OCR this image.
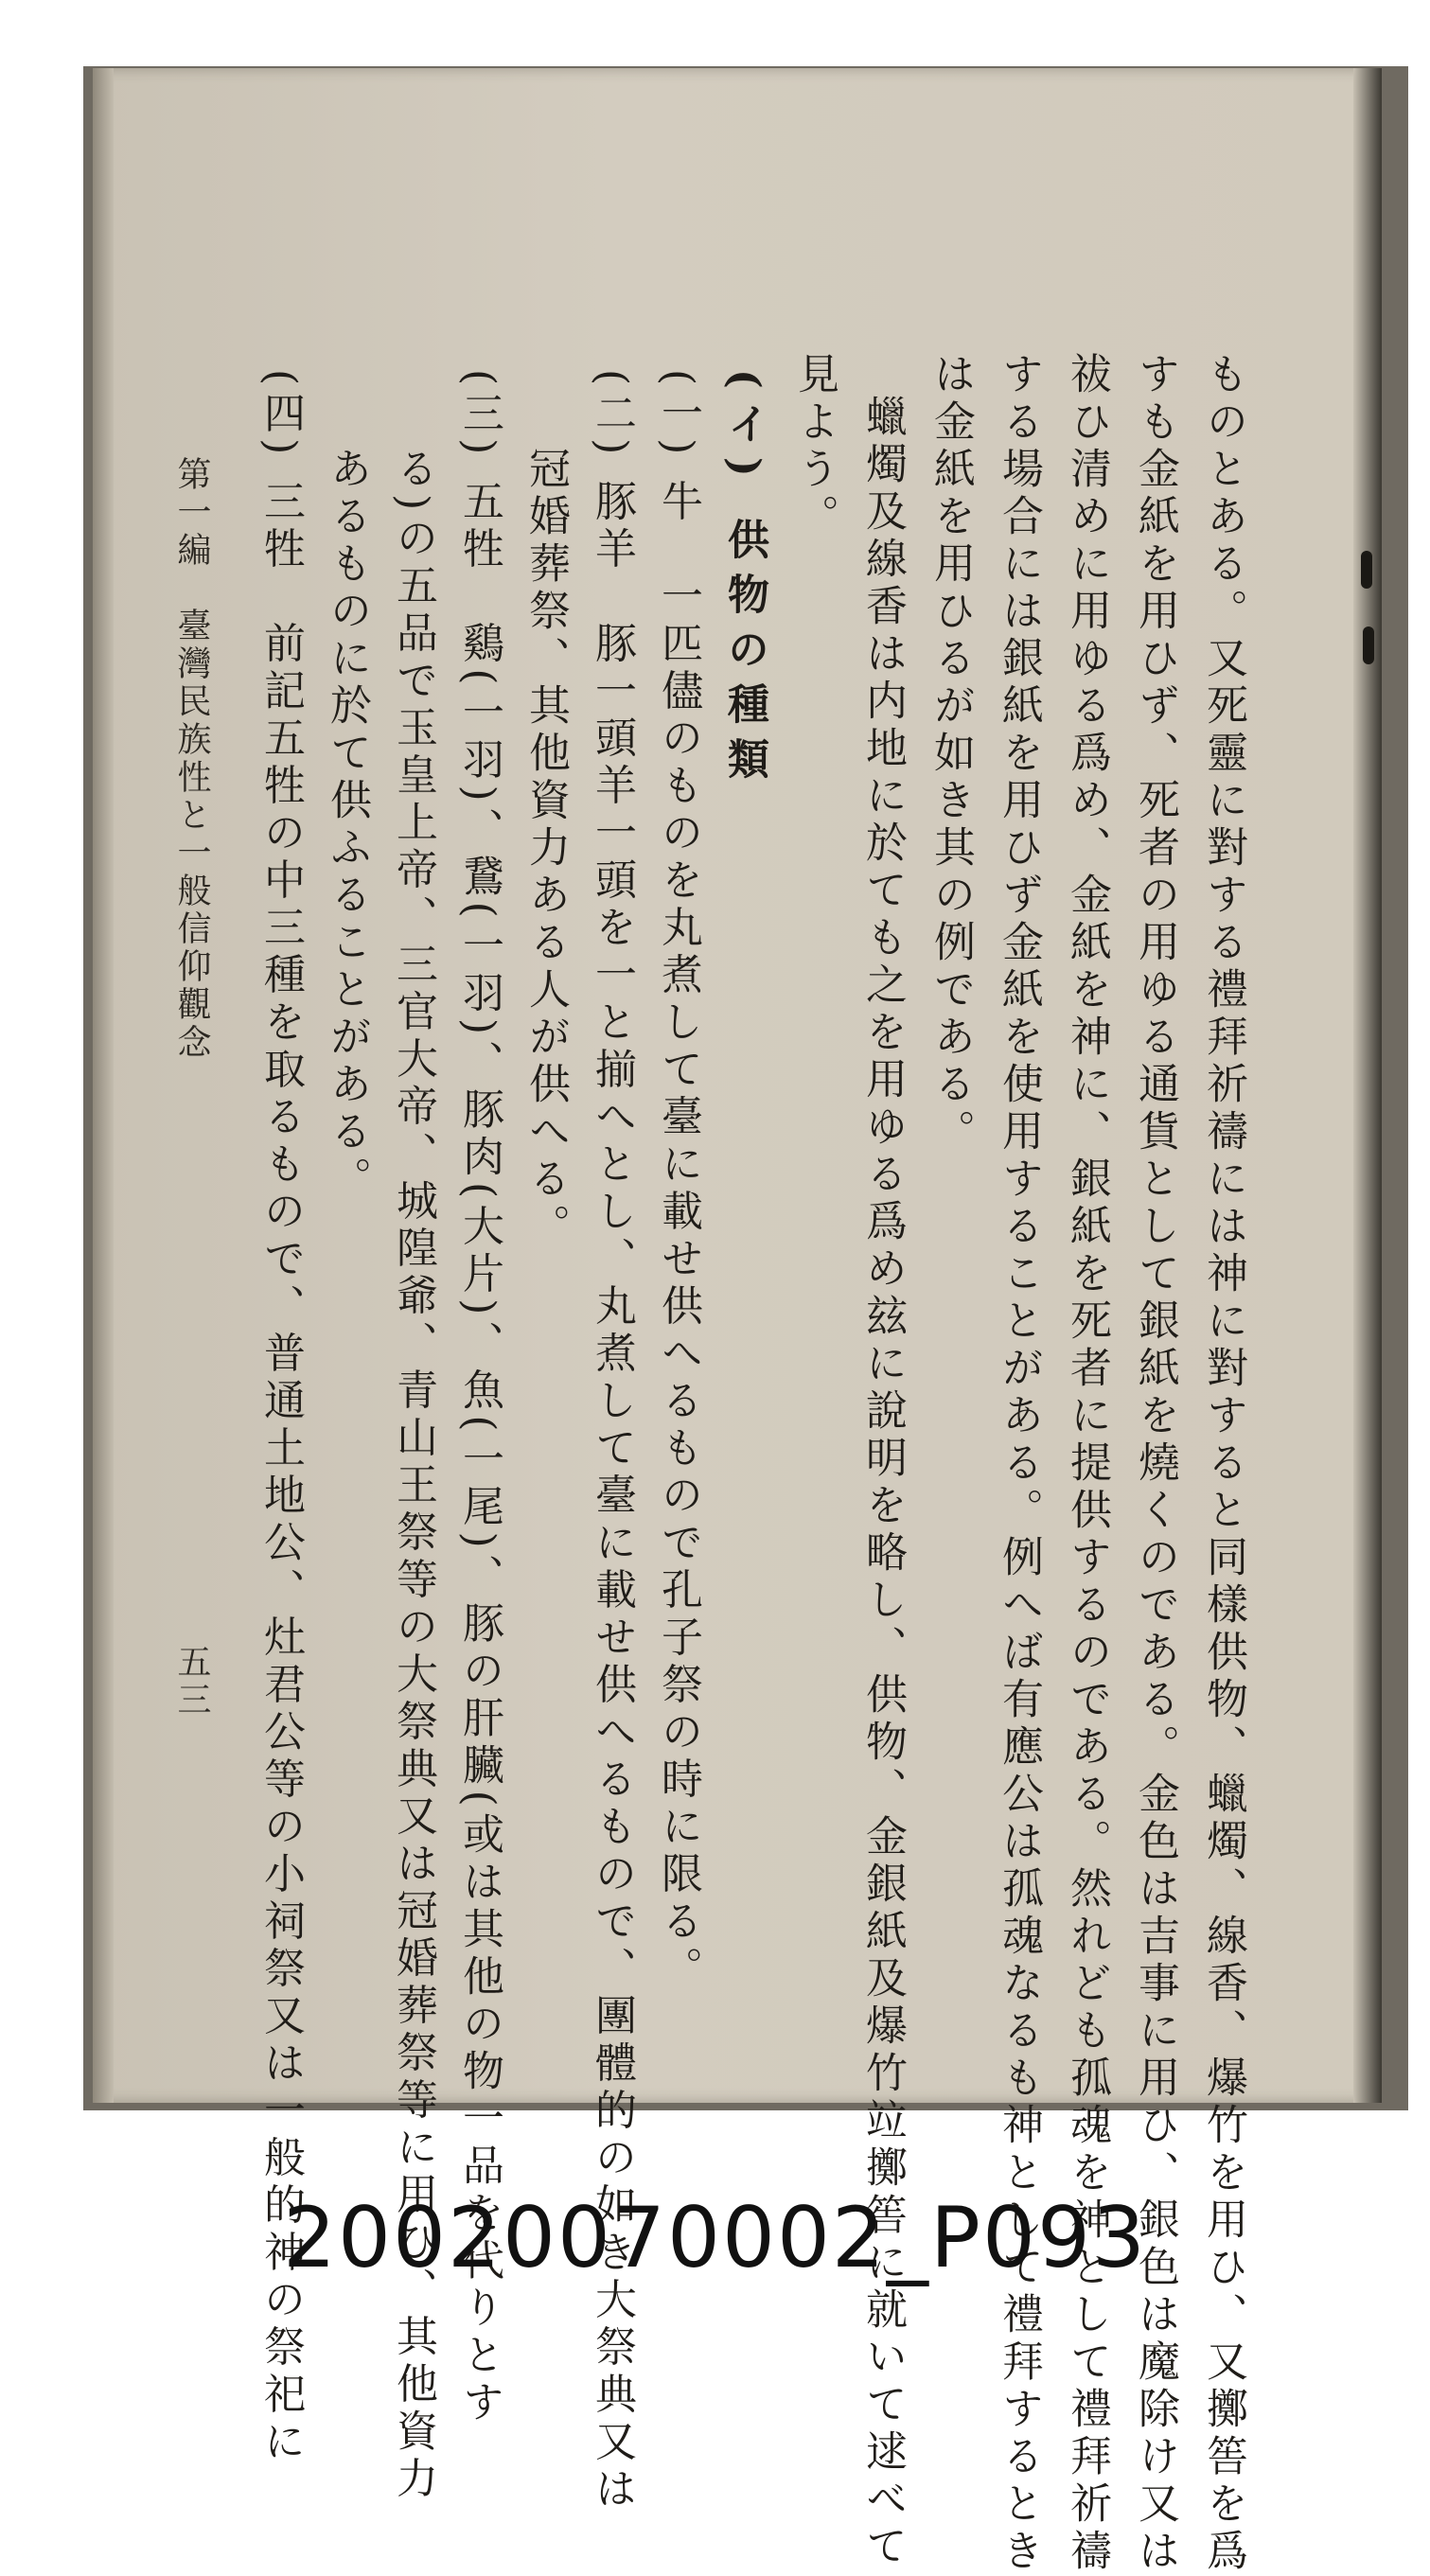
ものとある。又死靈に對する禮拜祈禱には神に對すると同樣供物、蠟燭、線香、爆竹を用ひ、又擲筶を爲
すも金紙を用ひず、死者の用ゆる通貨として銀紙を燒くのである。金色は吉事に用ひ、銀色は魔除け又は
祓ひ清めに用ゆる爲め、金紙を神に、銀紙を死者に提供するのである。然れども孤魂を神として禮拜祈禱
する場合には銀紙を用ひず金紙を使用することがある。例へば有應公は孤魂なるも神として禮拜するとき
は金紙を用ひるが如き其の例である。
蠟燭及線香は内地に於ても之を用ゆる爲め玆に說明を略し、供物、金銀紙及爆竹竝擲筶に就いて逑べて
見よう。
(イ) 供物の種類
(一) 牛　一匹儘のものを丸煮して臺に載せ供へるもので孔子祭の時に限る。
(二) 豚羊　豚一頭羊一頭を一と揃へとし、丸煮して臺に載せ供へるもので、團體的の如き大祭典又は
冠婚葬祭、其他資力ある人が供へる。
(三) 五牲　鷄(一羽)、鵞(一羽)、豚肉(大片)、魚(一尾)、豚の肝臟(或は其他の物一品を代りとす
る)の五品で玉皇上帝、三官大帝、城隍爺、青山王祭等の大祭典又は冠婚葬祭等に用ひ、其他資力
あるものに於て供ふることがある。
(四) 三牲　前記五牲の中三種を取るもので、普通土地公、灶君公等の小祠祭又は一般的神の祭祀に
第一編　臺灣民族性と一般信仰觀念
五三
20020070002_P093
